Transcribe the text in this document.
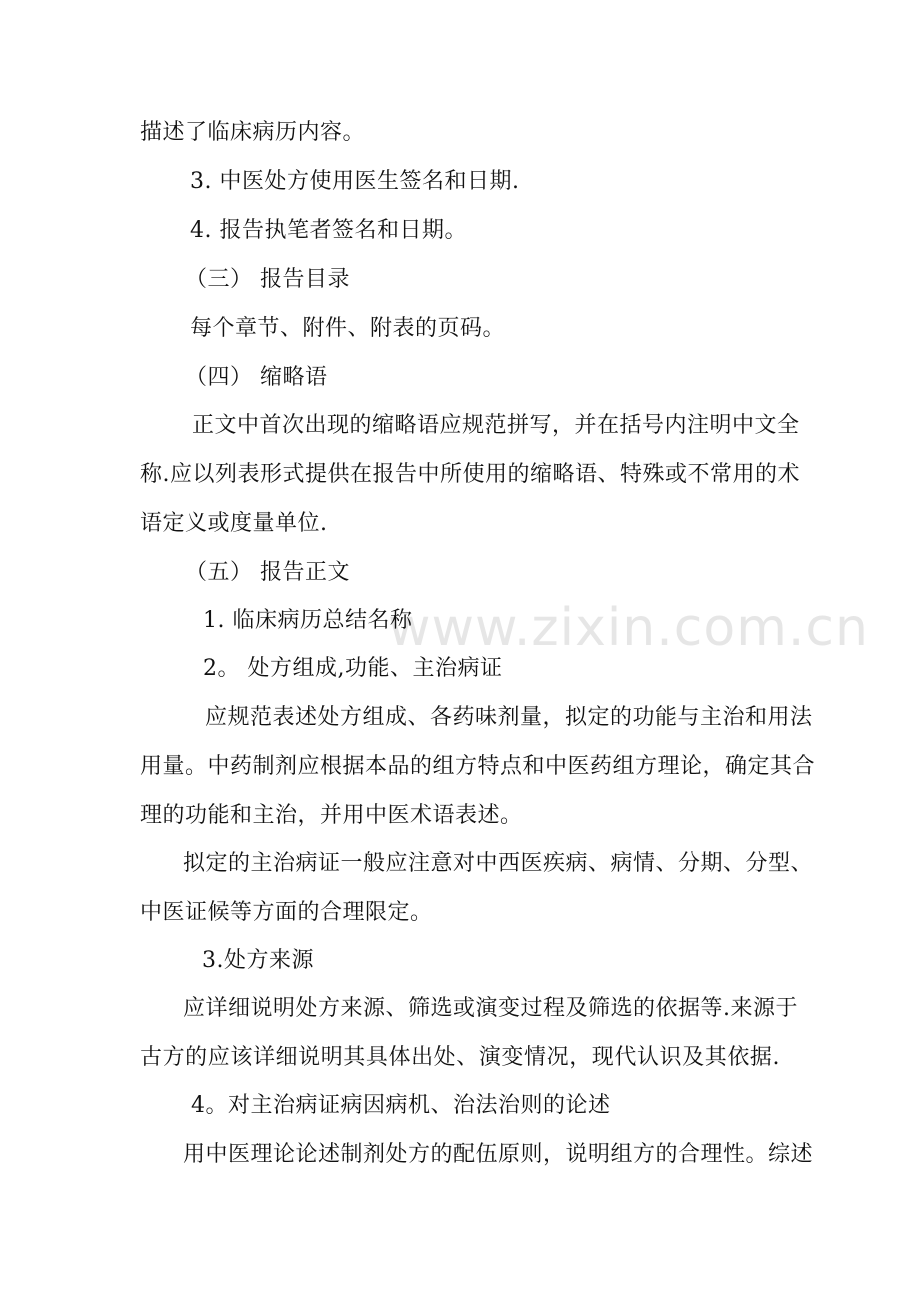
www.zixin.com.cn
描述了临床病历内容。
3. 中医处方使用医生签名和日期.
4. 报告执笔者签名和日期。
（三） 报告目录
每个章节、附件、附表的页码。
（四） 缩略语
正文中首次出现的缩略语应规范拼写，并在括号内注明中文全
称.应以列表形式提供在报告中所使用的缩略语、特殊或不常用的术
语定义或度量单位.
（五） 报告正文
1. 临床病历总结名称
2。 处方组成,功能、主治病证
应规范表述处方组成、各药味剂量，拟定的功能与主治和用法
用量。中药制剂应根据本品的组方特点和中医药组方理论，确定其合
理的功能和主治，并用中医术语表述。
拟定的主治病证一般应注意对中西医疾病、病情、分期、分型、
中医证候等方面的合理限定。
3.处方来源
应详细说明处方来源、筛选或演变过程及筛选的依据等.来源于
古方的应该详细说明其具体出处、演变情况，现代认识及其依据.
4。对主治病证病因病机、治法治则的论述
用中医理论论述制剂处方的配伍原则，说明组方的合理性。综述
